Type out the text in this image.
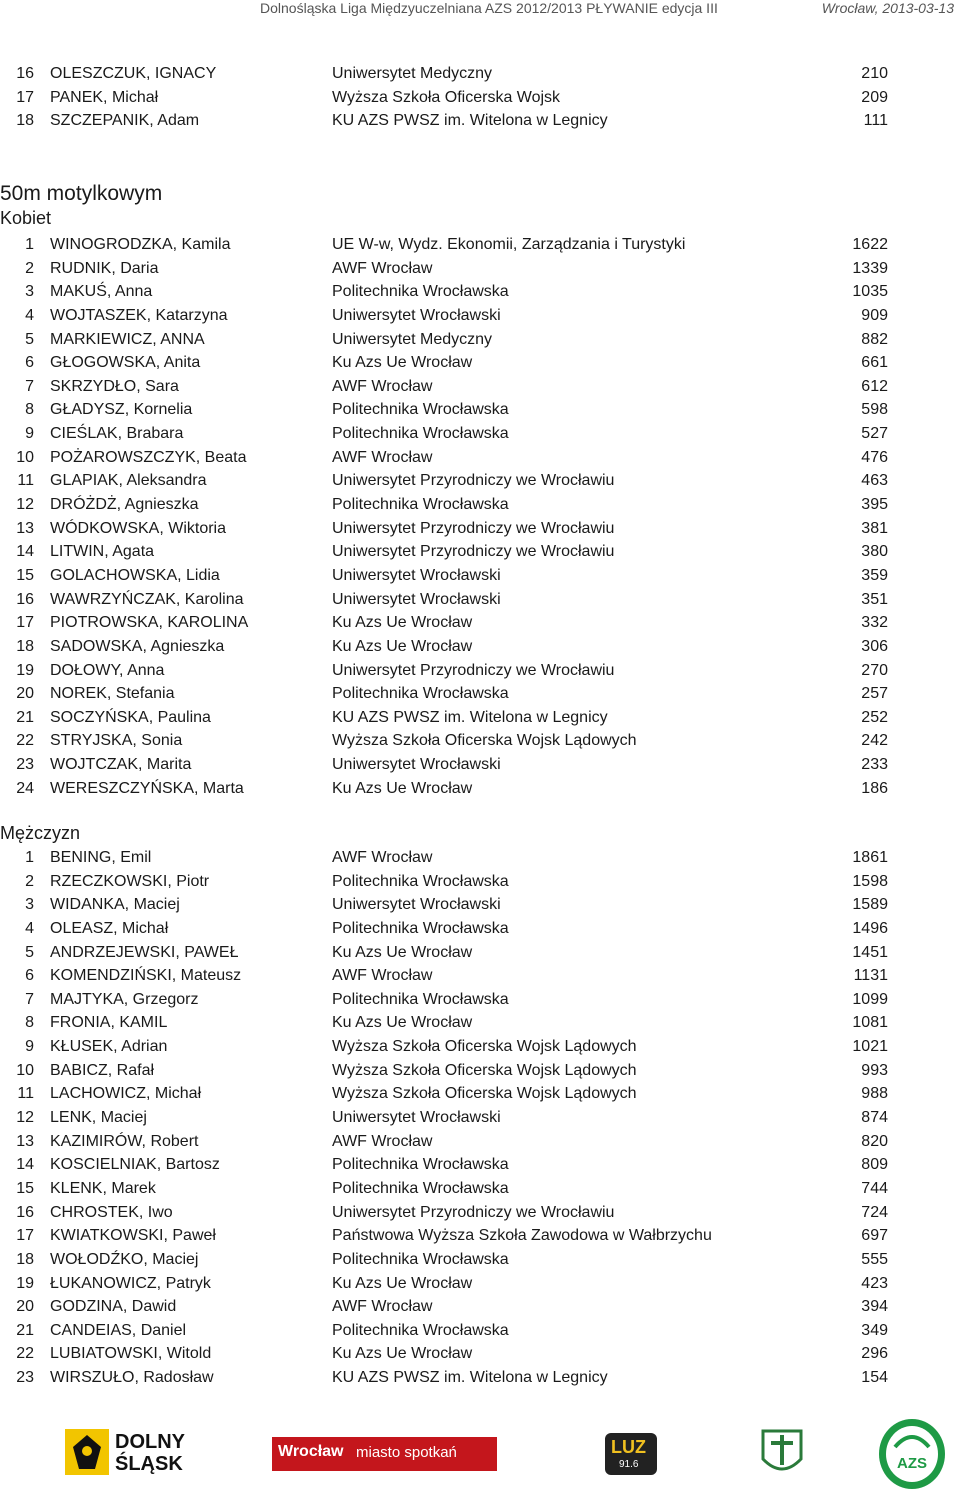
Dolnośląska Liga Międzyuczelniana AZS 2012/2013 PŁYWANIE edycja III	Wrocław, 2013-03-13
16 OLESZCZUK, IGNACY	Uniwersytet Medyczny	210
17 PANEK, Michał	Wyższa Szkoła Oficerska Wojsk	209
18 SZCZEPANIK, Adam	KU AZS PWSZ im. Witelona w Legnicy	111
50m motylkowym
Kobiet
1 WINOGRODZKA, Kamila	UE W-w, Wydz. Ekonomii, Zarządzania i Turystyki	1622
2 RUDNIK, Daria	AWF Wrocław	1339
3 MAKUŚ, Anna	Politechnika Wrocławska	1035
4 WOJTASZEK, Katarzyna	Uniwersytet Wrocławski	909
5 MARKIEWICZ, ANNA	Uniwersytet Medyczny	882
6 GŁOGOWSKA, Anita	Ku Azs Ue Wrocław	661
7 SKRZYDŁO, Sara	AWF Wrocław	612
8 GŁADYSZ, Kornelia	Politechnika Wrocławska	598
9 CIEŚLAK, Brabara	Politechnika Wrocławska	527
10 POŻAROWSZCZYK, Beata	AWF Wrocław	476
11 GLAPIAK, Aleksandra	Uniwersytet Przyrodniczy we Wrocławiu	463
12 DRÓŻDŻ, Agnieszka	Politechnika Wrocławska	395
13 WÓDKOWSKA, Wiktoria	Uniwersytet Przyrodniczy we Wrocławiu	381
14 LITWIN, Agata	Uniwersytet Przyrodniczy we Wrocławiu	380
15 GOLACHOWSKA, Lidia	Uniwersytet Wrocławski	359
16 WAWRZYŃCZAK, Karolina	Uniwersytet Wrocławski	351
17 PIOTROWSKA, KAROLINA	Ku Azs Ue Wrocław	332
18 SADOWSKA, Agnieszka	Ku Azs Ue Wrocław	306
19 DOŁOWY, Anna	Uniwersytet Przyrodniczy we Wrocławiu	270
20 NOREK, Stefania	Politechnika Wrocławska	257
21 SOCZYŃSKA, Paulina	KU AZS PWSZ im. Witelona w Legnicy	252
22 STRYJSKA, Sonia	Wyższa Szkoła Oficerska Wojsk Lądowych	242
23 WOJTCZAK, Marita	Uniwersytet Wrocławski	233
24 WERESZCZYŃSKA, Marta	Ku Azs Ue Wrocław	186
Mężczyzn
1 BENING, Emil	AWF Wrocław	1861
2 RZECZKOWSKI, Piotr	Politechnika Wrocławska	1598
3 WIDANKA, Maciej	Uniwersytet Wrocławski	1589
4 OLEASZ, Michał	Politechnika Wrocławska	1496
5 ANDRZEJEWSKI, PAWEŁ	Ku Azs Ue Wrocław	1451
6 KOMENDZIŃSKI, Mateusz	AWF Wrocław	1131
7 MAJTYKA, Grzegorz	Politechnika Wrocławska	1099
8 FRONIA, KAMIL	Ku Azs Ue Wrocław	1081
9 KŁUSEK, Adrian	Wyższa Szkoła Oficerska Wojsk Lądowych	1021
10 BABICZ, Rafał	Wyższa Szkoła Oficerska Wojsk Lądowych	993
11 LACHOWICZ, Michał	Wyższa Szkoła Oficerska Wojsk Lądowych	988
12 LENK, Maciej	Uniwersytet Wrocławski	874
13 KAZIMIRÓW, Robert	AWF Wrocław	820
14 KOSCIELNIAK, Bartosz	Politechnika Wrocławska	809
15 KLENK, Marek	Politechnika Wrocławska	744
16 CHROSTEK, Iwo	Uniwersytet Przyrodniczy we Wrocławiu	724
17 KWIATKOWSKI, Paweł	Państwowa Wyższa Szkoła Zawodowa w Wałbrzychu	697
18 WOŁODŹKO, Maciej	Politechnika Wrocławska	555
19 ŁUKANOWICZ, Patryk	Ku Azs Ue Wrocław	423
20 GODZINA, Dawid	AWF Wrocław	394
21 CANDEIAS, Daniel	Politechnika Wrocławska	349
22 LUBIATOWSKI, Witold	Ku Azs Ue Wrocław	296
23 WIRSZUŁO, Radosław	KU AZS PWSZ im. Witelona w Legnicy	154
DOLNY ŚLĄSK
Wrocław miasto spotkań	LUZ
91.6	AZS
